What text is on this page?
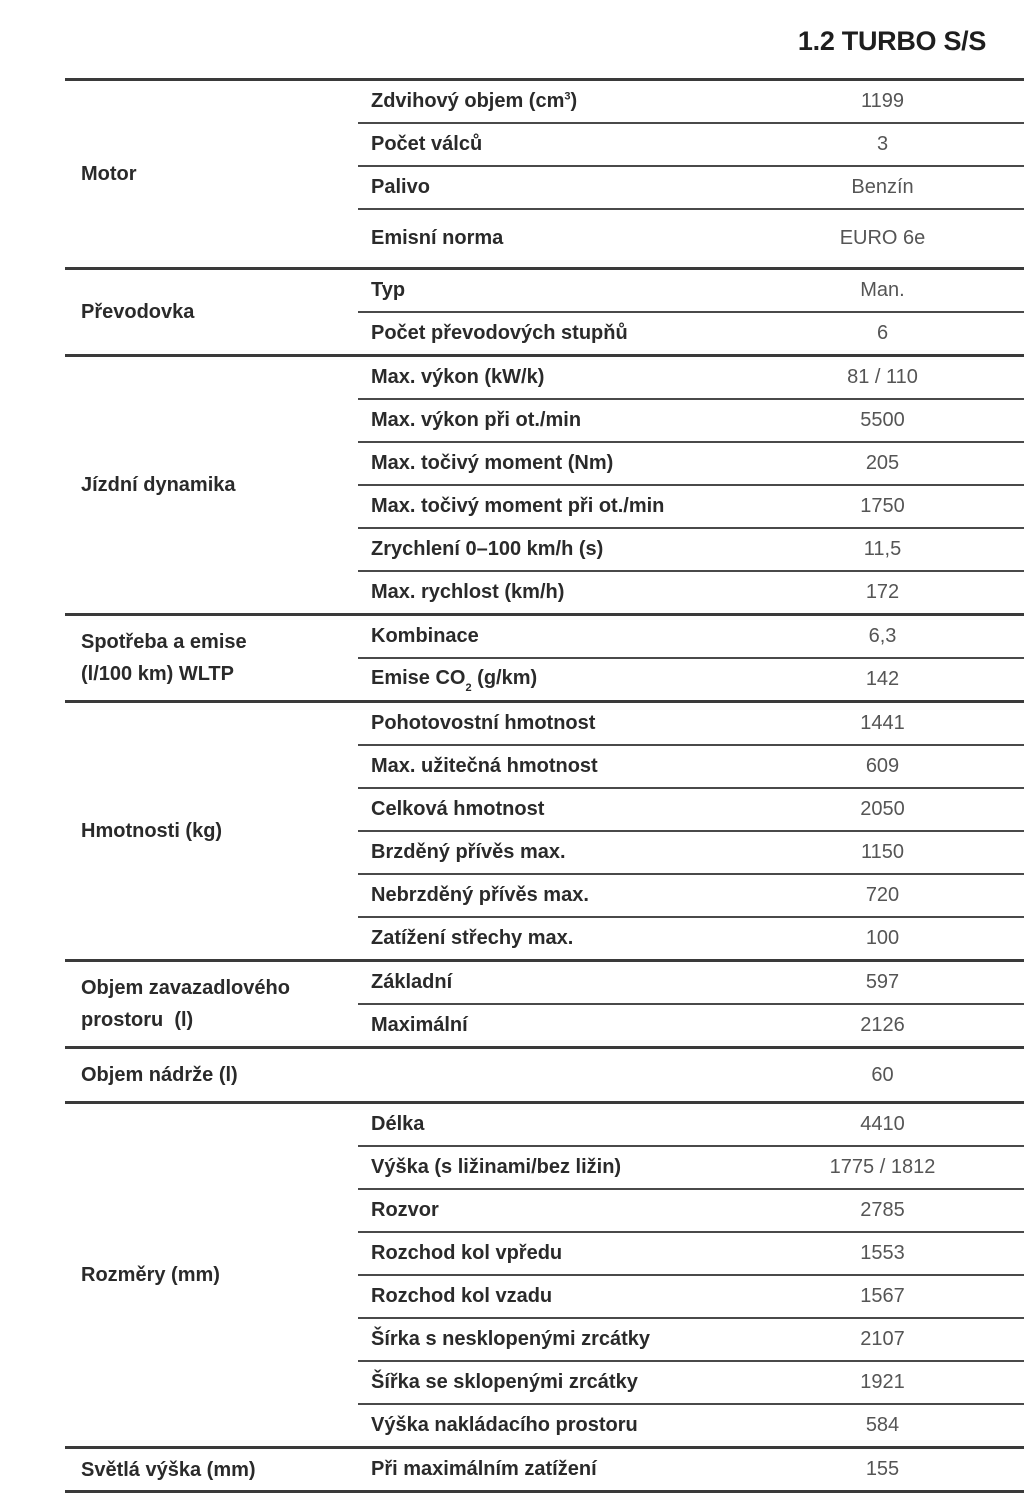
1.2 TURBO S/S
Motor
Zdvihový objem $(cm^3)$	1199
Počet válců	3
Palivo	Benzín
Emisní norma	EURO 6e
Převodovka
Typ	Man.
Počet převodových stupňů	6
Jízdní dynamika
Max. výkon (kW/k)	81 / 110
Max. výkon při ot./min	5500
Max. točivý moment (Nm)	205
Max. točivý moment při ot./min	1750
Zrychlení 0–100 km/h (s)	11,5
Max. rychlost (km/h)	172
Spotřeba a emise
(l/100 km) WLTP
Kombinace	6,3
Emise $CO_2$ (g/km)	142
Hmotnosti (kg)
Pohotovostní hmotnost	1441
Max. užitečná hmotnost	609
Celková hmotnost	2050
Brzděný přívěs max.	1150
Nebrzděný přívěs max.	720
Zatížení střechy max.	100
Objem zavazadlového
prostoru  (l)
Základní	597
Maximální	2126
Objem nádrže (l)	60
Rozměry (mm)
Délka	4410
Výška (s ližinami/bez ližin)	1775 / 1812
Rozvor	2785
Rozchod kol vpředu	1553
Rozchod kol vzadu	1567
Šírka s nesklopenými zrcátky	2107
Šířka se sklopenými zrcátky	1921
Výška nakládacího prostoru	584
Světlá výška (mm)	Při maximálním zatížení	155
